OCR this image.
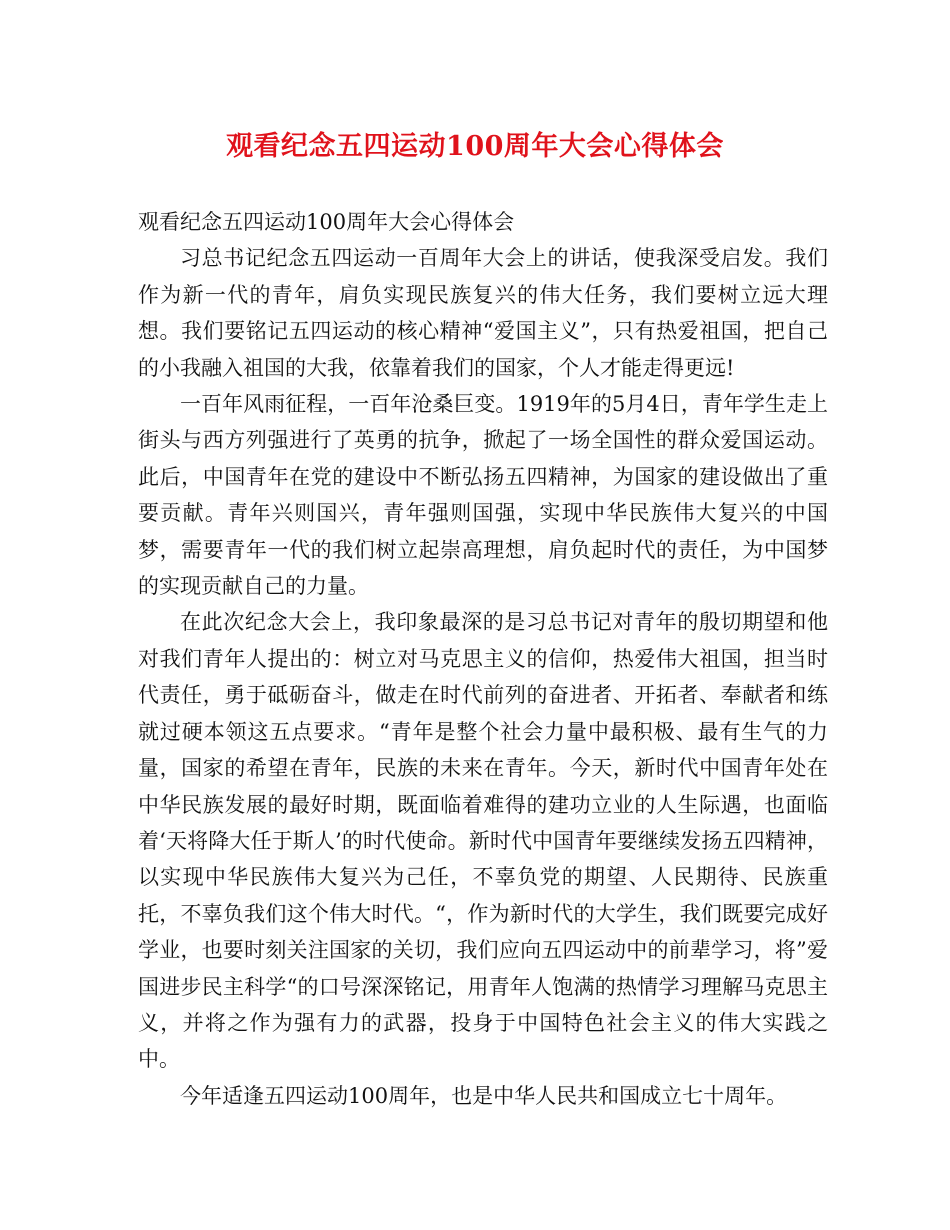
观看纪念五四运动100周年大会心得体会

观看纪念五四运动100周年大会心得体会

习总书记纪念五四运动一百周年大会上的讲话，使我深受启发。我们作为新一代的青年，肩负实现民族复兴的伟大任务，我们要树立远大理想。我们要铭记五四运动的核心精神“爱国主义”，只有热爱祖国，把自己的小我融入祖国的大我，依靠着我们的国家，个人才能走得更远!

一百年风雨征程，一百年沧桑巨变。1919年的5月4日，青年学生走上街头与西方列强进行了英勇的抗争，掀起了一场全国性的群众爱国运动。此后，中国青年在党的建设中不断弘扬五四精神，为国家的建设做出了重要贡献。青年兴则国兴，青年强则国强，实现中华民族伟大复兴的中国梦，需要青年一代的我们树立起崇高理想，肩负起时代的责任，为中国梦的实现贡献自己的力量。

在此次纪念大会上，我印象最深的是习总书记对青年的殷切期望和他对我们青年人提出的：树立对马克思主义的信仰，热爱伟大祖国，担当时代责任，勇于砥砺奋斗，做走在时代前列的奋进者、开拓者、奉献者和练就过硬本领这五点要求。“青年是整个社会力量中最积极、最有生气的力量，国家的希望在青年，民族的未来在青年。今天，新时代中国青年处在中华民族发展的最好时期，既面临着难得的建功立业的人生际遇，也面临着‘天将降大任于斯人’的时代使命。新时代中国青年要继续发扬五四精神，以实现中华民族伟大复兴为己任，不辜负党的期望、人民期待、民族重托，不辜负我们这个伟大时代。“，作为新时代的大学生，我们既要完成好学业，也要时刻关注国家的关切，我们应向五四运动中的前辈学习，将”爱国进步民主科学“的口号深深铭记，用青年人饱满的热情学习理解马克思主义，并将之作为强有力的武器，投身于中国特色社会主义的伟大实践之中。

今年适逢五四运动100周年，也是中华人民共和国成立七十周年。
